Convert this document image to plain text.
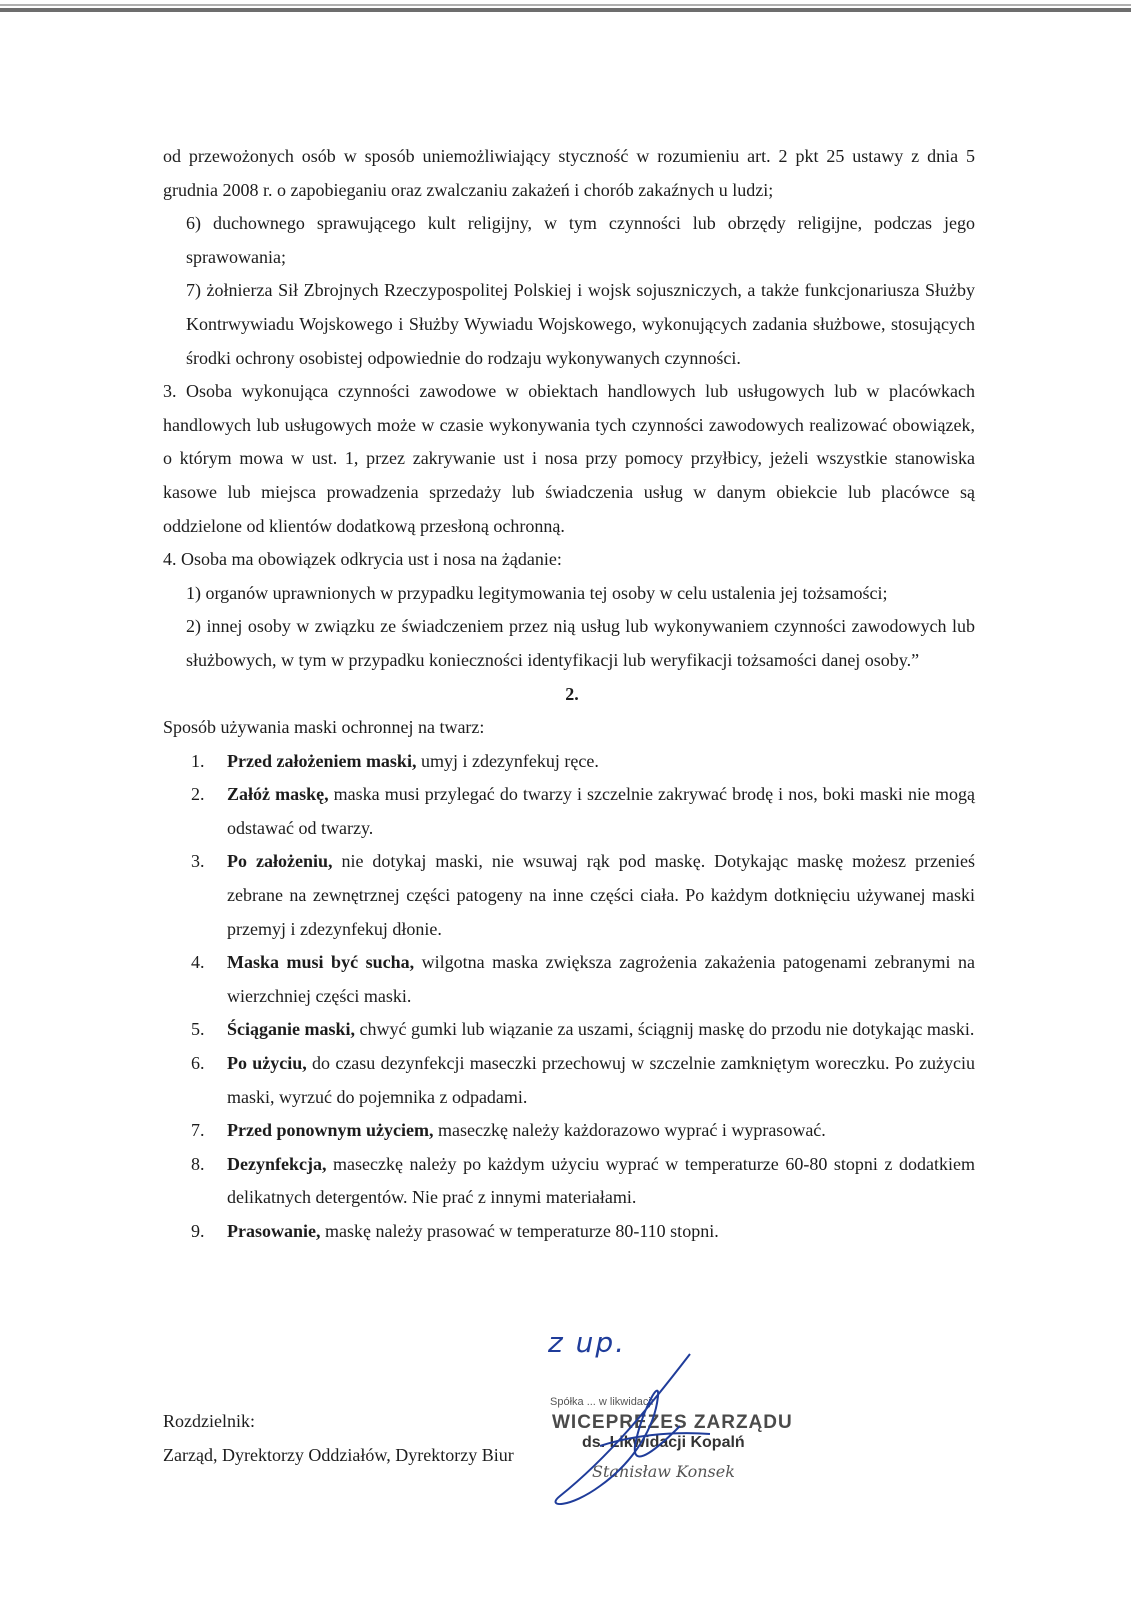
od przewożonych osób w sposób uniemożliwiający styczność w rozumieniu art. 2 pkt 25 ustawy z dnia 5 grudnia 2008 r. o zapobieganiu oraz zwalczaniu zakażeń i chorób zakaźnych u ludzi;

6) duchownego sprawującego kult religijny, w tym czynności lub obrzędy religijne, podczas jego sprawowania;

7) żołnierza Sił Zbrojnych Rzeczypospolitej Polskiej i wojsk sojuszniczych, a także funkcjonariusza Służby Kontrwywiadu Wojskowego i Służby Wywiadu Wojskowego, wykonujących zadania służbowe, stosujących środki ochrony osobistej odpowiednie do rodzaju wykonywanych czynności.

3. Osoba wykonująca czynności zawodowe w obiektach handlowych lub usługowych lub w placówkach handlowych lub usługowych może w czasie wykonywania tych czynności zawodowych realizować obowiązek, o którym mowa w ust. 1, przez zakrywanie ust i nosa przy pomocy przyłbicy, jeżeli wszystkie stanowiska kasowe lub miejsca prowadzenia sprzedaży lub świadczenia usług w danym obiekcie lub placówce są oddzielone od klientów dodatkową przesłoną ochronną.

4. Osoba ma obowiązek odkrycia ust i nosa na żądanie:

1) organów uprawnionych w przypadku legitymowania tej osoby w celu ustalenia jej tożsamości;

2) innej osoby w związku ze świadczeniem przez nią usług lub wykonywaniem czynności zawodowych lub służbowych, w tym w przypadku konieczności identyfikacji lub weryfikacji tożsamości danej osoby.”

2.

Sposób używania maski ochronnej na twarz:

1. Przed założeniem maski, umyj i zdezynfekuj ręce.
2. Załóż maskę, maska musi przylegać do twarzy i szczelnie zakrywać brodę i nos, boki maski nie mogą odstawać od twarzy.
3. Po założeniu, nie dotykaj maski, nie wsuwaj rąk pod maskę. Dotykając maskę możesz przenieś zebrane na zewnętrznej części patogeny na inne części ciała. Po każdym dotknięciu używanej maski przemyj i zdezynfekuj dłonie.
4. Maska musi być sucha, wilgotna maska zwiększa zagrożenia zakażenia patogenami zebranymi na wierzchniej części maski.
5. Ściąganie maski, chwyć gumki lub wiązanie za uszami, ściągnij maskę do przodu nie dotykając maski.
6. Po użyciu, do czasu dezynfekcji maseczki przechowuj w szczelnie zamkniętym woreczku. Po zużyciu maski, wyrzuć do pojemnika z odpadami.
7. Przed ponownym użyciem, maseczkę należy każdorazowo wyprać i wyprasować.
8. Dezynfekcja, maseczkę należy po każdym użyciu wyprać w temperaturze 60-80 stopni z dodatkiem delikatnych detergentów. Nie prać z innymi materiałami.
9. Prasowanie, maskę należy prasować w temperaturze 80-110 stopni.
Rozdzielnik:
Zarząd, Dyrektorzy Oddziałów, Dyrektorzy Biur
z up.
Spółka ... w likwidacji
WICEPREZES ZARZĄDU
ds. Likwidacji Kopalń
Stanisław Konsek
